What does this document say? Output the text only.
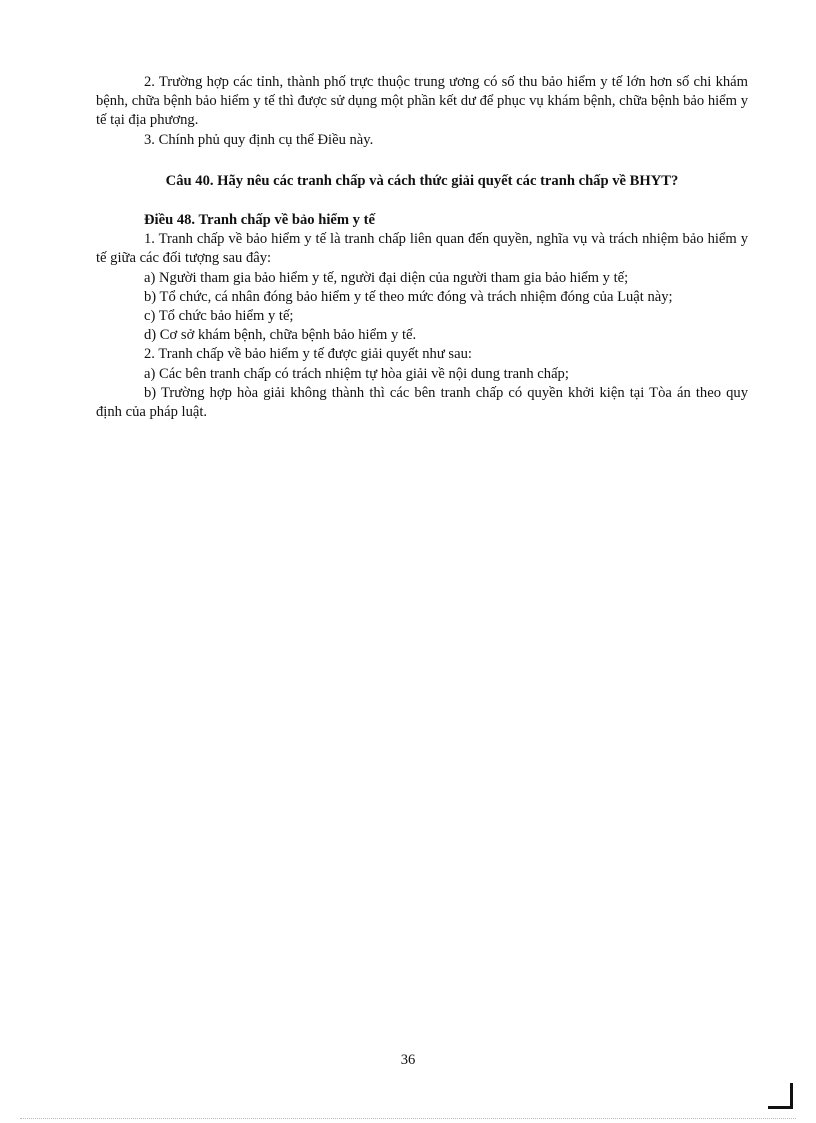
2. Trường hợp các tỉnh, thành phố trực thuộc trung ương có số thu bảo hiểm y tế lớn hơn số chi khám bệnh, chữa bệnh bảo hiểm y tế thì được sử dụng một phần kết dư để phục vụ khám bệnh, chữa bệnh bảo hiểm y tế tại địa phương.

3. Chính phủ quy định cụ thể Điều này.

Câu 40. Hãy nêu các tranh chấp và cách thức giải quyết các tranh chấp về BHYT?

Điều 48. Tranh chấp về bảo hiểm y tế

1. Tranh chấp về bảo hiểm y tế là tranh chấp liên quan đến quyền, nghĩa vụ và trách nhiệm bảo hiểm y tế giữa các đối tượng sau đây:

a) Người tham gia bảo hiểm y tế, người đại diện của người tham gia bảo hiểm y tế;

b) Tổ chức, cá nhân đóng bảo hiểm y tế theo mức đóng và trách nhiệm đóng của Luật này;

c) Tổ chức bảo hiểm y tế;

d) Cơ sở khám bệnh, chữa bệnh bảo hiểm y tế.

2. Tranh chấp về bảo hiểm y tế được giải quyết như sau:

a) Các bên tranh chấp có trách nhiệm tự hòa giải về nội dung tranh chấp;

b) Trường hợp hòa giải không thành thì các bên tranh chấp có quyền khởi kiện tại Tòa án theo quy định của pháp luật.

36
